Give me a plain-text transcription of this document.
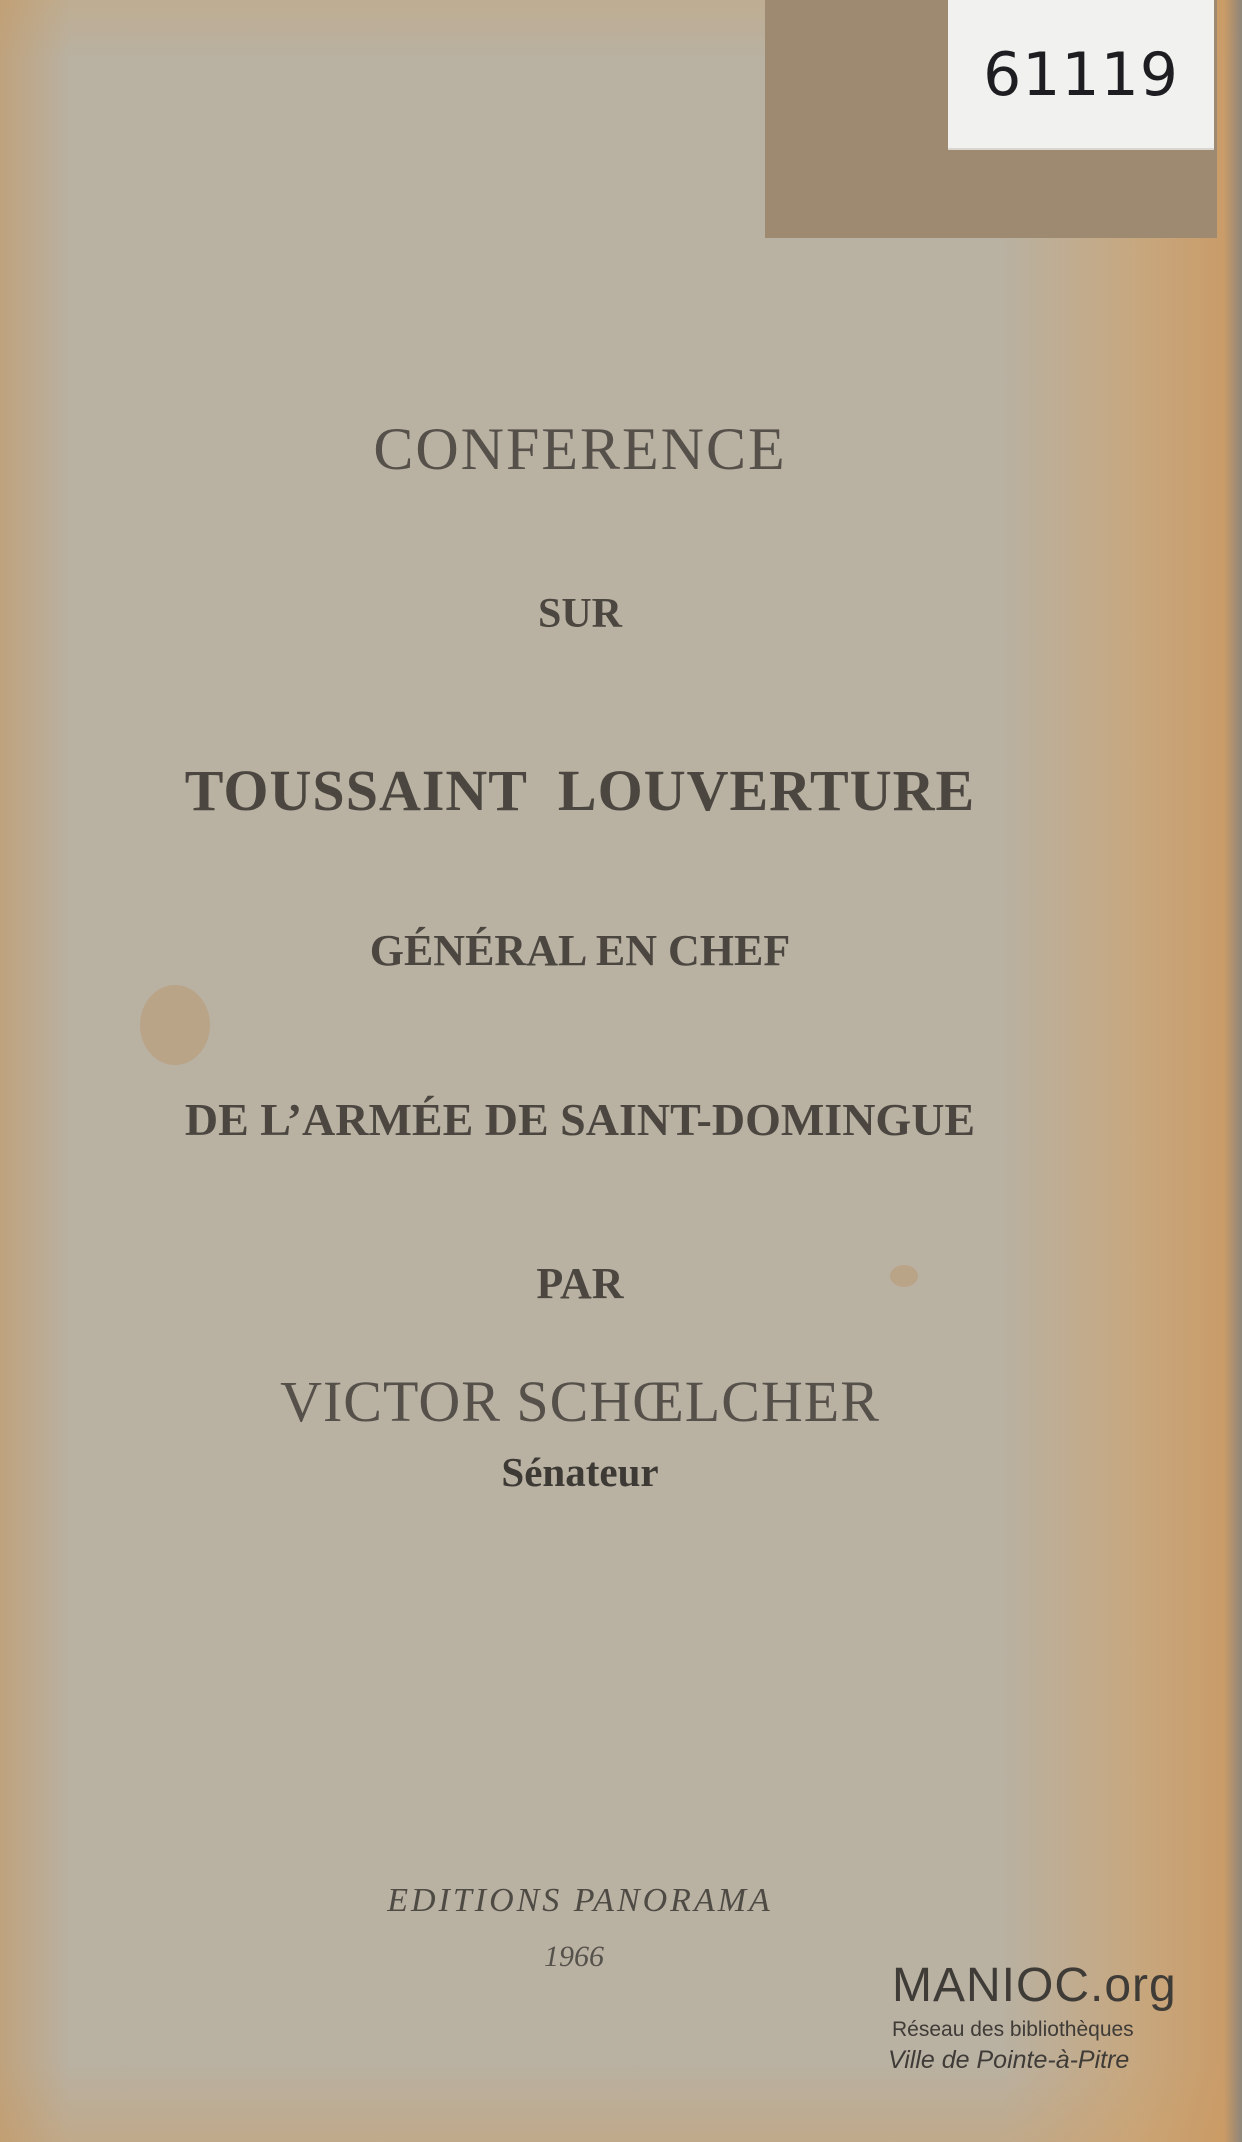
61119
CONFERENCE
SUR
TOUSSAINT  LOUVERTURE
GÉNÉRAL EN CHEF
DE L’ARMÉE DE SAINT-DOMINGUE
PAR
VICTOR SCHŒLCHER
Sénateur
EDITIONS PANORAMA
1966
MANIOC.org
Réseau des bibliothèques
Ville de Pointe-à-Pitre
